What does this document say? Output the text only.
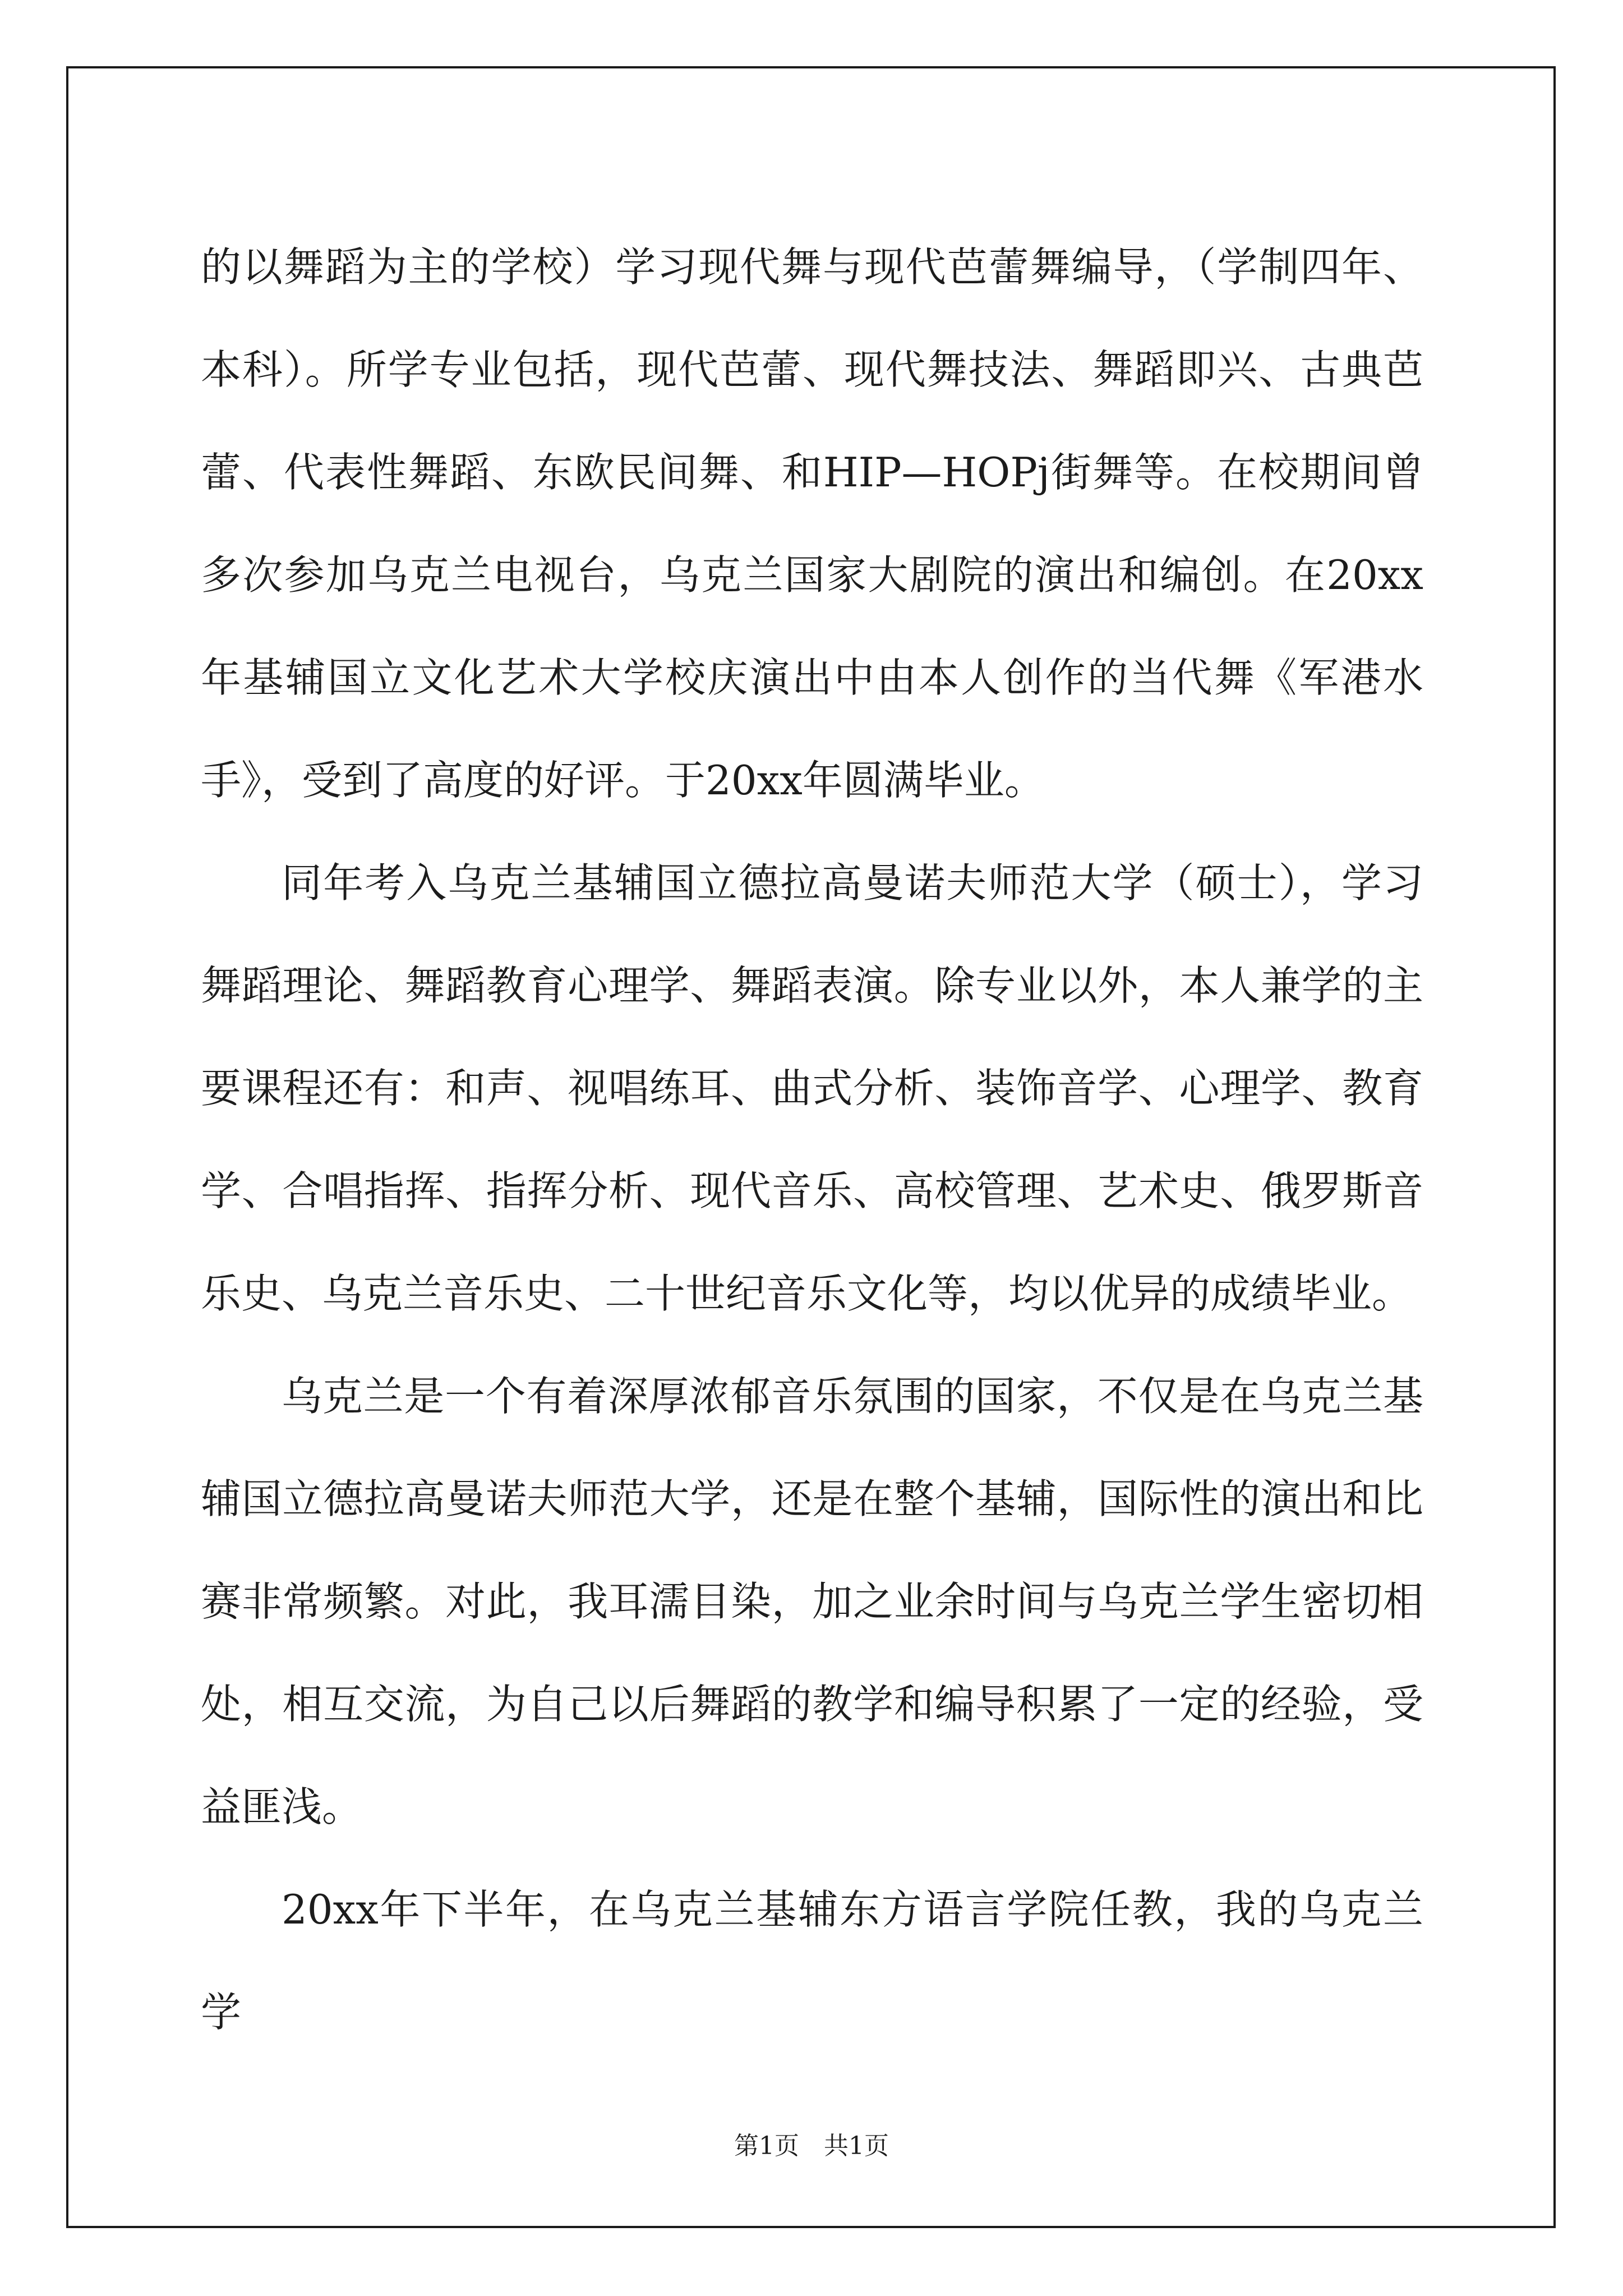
的以舞蹈为主的学校）学习现代舞与现代芭蕾舞编导，（学制四年、本科）。所学专业包括，现代芭蕾、现代舞技法、舞蹈即兴、古典芭蕾、代表性舞蹈、东欧民间舞、和HIP—HOPj街舞等。在校期间曾多次参加乌克兰电视台，乌克兰国家大剧院的演出和编创。在20xx年基辅国立文化艺术大学校庆演出中由本人创作的当代舞《军港水手》，受到了高度的好评。于20xx年圆满毕业。

同年考入乌克兰基辅国立德拉高曼诺夫师范大学（硕士），学习舞蹈理论、舞蹈教育心理学、舞蹈表演。除专业以外，本人兼学的主要课程还有：和声、视唱练耳、曲式分析、装饰音学、心理学、教育学、合唱指挥、指挥分析、现代音乐、高校管理、艺术史、俄罗斯音乐史、乌克兰音乐史、二十世纪音乐文化等，均以优异的成绩毕业。

乌克兰是一个有着深厚浓郁音乐氛围的国家，不仅是在乌克兰基辅国立德拉高曼诺夫师范大学，还是在整个基辅，国际性的演出和比赛非常频繁。对此，我耳濡目染，加之业余时间与乌克兰学生密切相处，相互交流，为自己以后舞蹈的教学和编导积累了一定的经验，受益匪浅。

20xx年下半年，在乌克兰基辅东方语言学院任教，我的乌克兰学

第1页　共1页
